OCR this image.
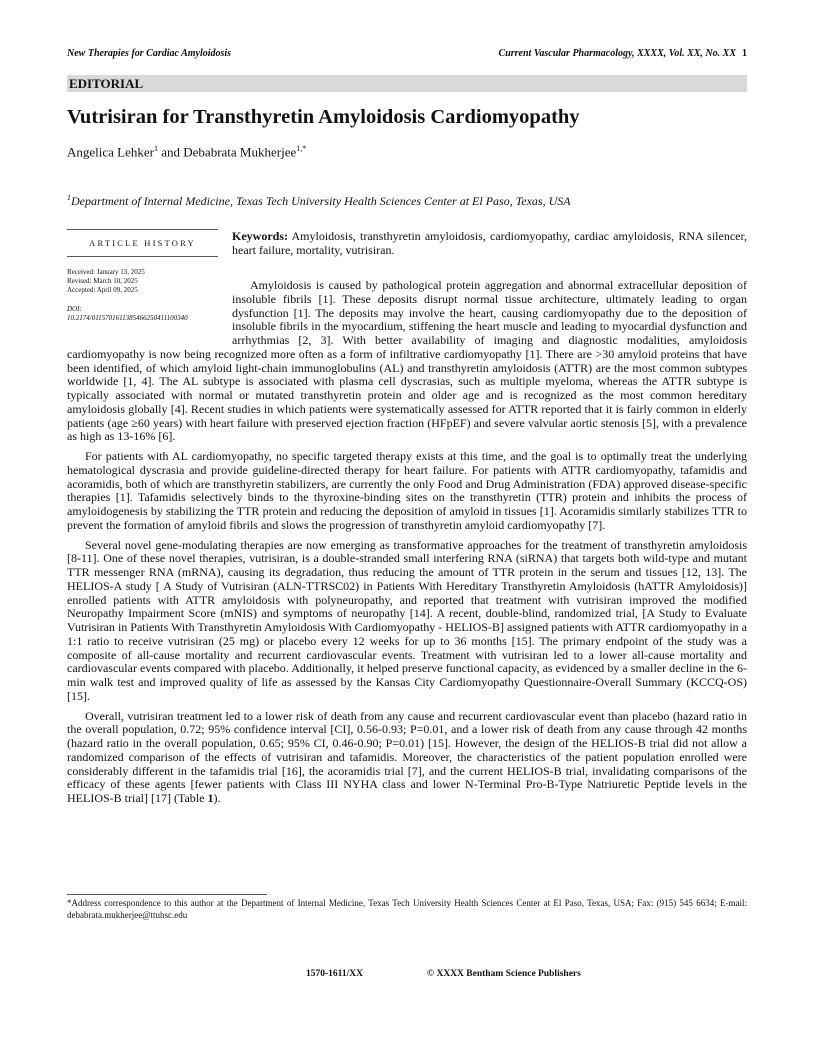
New Therapies for Cardiac Amyloidosis	Current Vascular Pharmacology, XXXX, Vol. XX, No. XX 1
EDITORIAL
Vutrisiran for Transthyretin Amyloidosis Cardiomyopathy
Angelica Lehker$^1$ and Debabrata Mukherjee$^{1,*}$
$^1$Department of Internal Medicine, Texas Tech University Health Sciences Center at El Paso, Texas, USA
ARTICLE HISTORY
Received: January 13, 2025
Revised: March 10, 2025
Accepted: April 09, 2025
DOI:
10.2174/0115701611385466250411100340

Keywords: Amyloidosis, transthyretin amyloidosis, cardiomyopathy, cardiac amyloidosis, RNA silencer, heart failure, mortality, vutrisiran.

Amyloidosis is caused by pathological protein aggregation and abnormal extracellular deposition of insoluble fibrils [1]. These deposits disrupt normal tissue architecture, ultimately leading to organ dysfunction [1]. The deposits may involve the heart, causing cardiomyopathy due to the deposition of insoluble fibrils in the myocardium, stiffening the heart muscle and leading to myocardial dysfunction and arrhythmias [2, 3]. With better availability of imaging and diagnostic modalities, amyloidosis cardiomyopathy is now being recognized more often as a form of infiltrative cardiomyopathy [1]. There are >30 amyloid proteins that have been identified, of which amyloid light-chain immunoglobulins (AL) and transthyretin amyloidosis (ATTR) are the most common subtypes worldwide [1, 4]. The AL subtype is associated with plasma cell dyscrasias, such as multiple myeloma, whereas the ATTR subtype is typically associated with normal or mutated transthyretin protein and older age and is recognized as the most common hereditary amyloidosis globally [4]. Recent studies in which patients were systematically assessed for ATTR reported that it is fairly common in elderly patients (age ≥60 years) with heart failure with preserved ejection fraction (HFpEF) and severe valvular aortic stenosis [5], with a prevalence as high as 13-16% [6].

For patients with AL cardiomyopathy, no specific targeted therapy exists at this time, and the goal is to optimally treat the underlying hematological dyscrasia and provide guideline-directed therapy for heart failure. For patients with ATTR cardiomyopathy, tafamidis and acoramidis, both of which are transthyretin stabilizers, are currently the only Food and Drug Administration (FDA) approved disease-specific therapies [1]. Tafamidis selectively binds to the thyroxine-binding sites on the transthyretin (TTR) protein and inhibits the process of amyloidogenesis by stabilizing the TTR protein and reducing the deposition of amyloid in tissues [1]. Acoramidis similarly stabilizes TTR to prevent the formation of amyloid fibrils and slows the progression of transthyretin amyloid cardiomyopathy [7].

Several novel gene-modulating therapies are now emerging as transformative approaches for the treatment of transthyretin amyloidosis [8-11]. One of these novel therapies, vutrisiran, is a double-stranded small interfering RNA (siRNA) that targets both wild-type and mutant TTR messenger RNA (mRNA), causing its degradation, thus reducing the amount of TTR protein in the serum and tissues [12, 13]. The HELIOS-A study [ A Study of Vutrisiran (ALN-TTRSC02) in Patients With Hereditary Transthyretin Amyloidosis (hATTR Amyloidosis)] enrolled patients with ATTR amyloidosis with polyneuropathy, and reported that treatment with vutrisiran improved the modified Neuropathy Impairment Score (mNIS) and symptoms of neuropathy [14]. A recent, double-blind, randomized trial, [A Study to Evaluate Vutrisiran in Patients With Transthyretin Amyloidosis With Cardiomyopathy - HELIOS-B] assigned patients with ATTR cardiomyopathy in a 1:1 ratio to receive vutrisiran (25 mg) or placebo every 12 weeks for up to 36 months [15]. The primary endpoint of the study was a composite of all-cause mortality and recurrent cardiovascular events. Treatment with vutrisiran led to a lower all-cause mortality and cardiovascular events compared with placebo. Additionally, it helped preserve functional capacity, as evidenced by a smaller decline in the 6-min walk test and improved quality of life as assessed by the Kansas City Cardiomyopathy Questionnaire-Overall Summary (KCCQ-OS) [15].

Overall, vutrisiran treatment led to a lower risk of death from any cause and recurrent cardiovascular event than placebo (hazard ratio in the overall population, 0.72; 95% confidence interval [CI], 0.56-0.93; P=0.01, and a lower risk of death from any cause through 42 months (hazard ratio in the overall population, 0.65; 95% CI, 0.46-0.90; P=0.01) [15]. However, the design of the HELIOS-B trial did not allow a randomized comparison of the effects of vutrisiran and tafamidis. Moreover, the characteristics of the patient population enrolled were considerably different in the tafamidis trial [16], the acoramidis trial [7], and the current HELIOS-B trial, invalidating comparisons of the efficacy of these agents [fewer patients with Class III NYHA class and lower N-Terminal Pro-B-Type Natriuretic Peptide levels in the HELIOS-B trial] [17] (Table 1).

*Address correspondence to this author at the Department of Internal Medicine, Texas Tech University Health Sciences Center at El Paso, Texas, USA; Fax: (915) 545 6634; E-mail: debabrata.mukherjee@ttuhsc.edu
1570-1611/XX	© XXXX Bentham Science Publishers
